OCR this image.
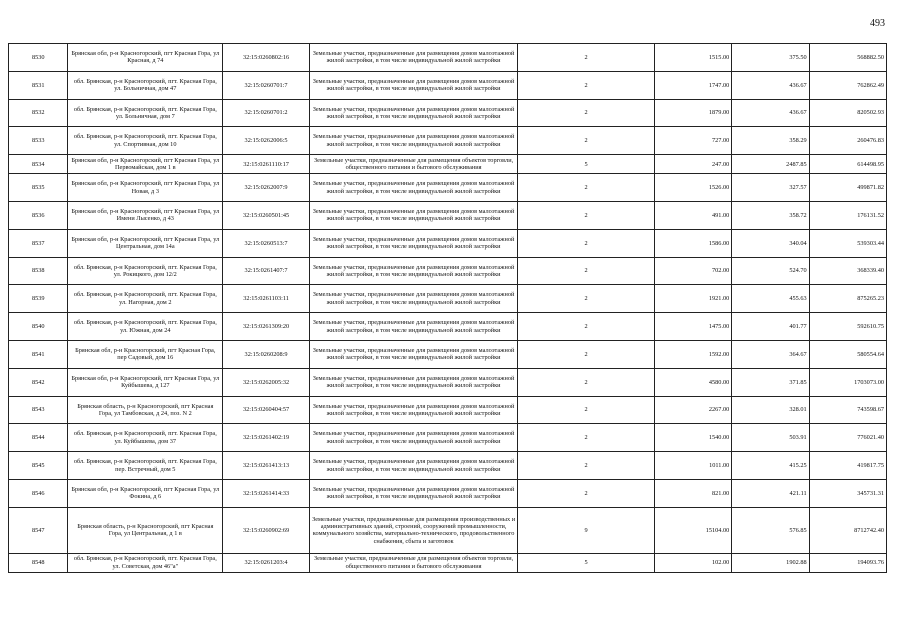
493
8530	Брянская обл, р-н Красногорский, пгт Красная Гора, ул Красная, д 74	32:15:0260802:16	Земельные участки, предназначенные для размещения домов малоэтажной жилой застройки, в том числе индивидуальной жилой застройки	2	1515.00	375.50	568882.50
8531	обл. Брянская, р-н Красногорский, пгт. Красная Гора, ул. Больничная, дом 47	32:15:0260701:7	Земельные участки, предназначенные для размещения домов малоэтажной жилой застройки, в том числе индивидуальной жилой застройки	2	1747.00	436.67	762862.49
8532	обл. Брянская, р-н Красногорский, пгт. Красная Гора, ул. Больничная, дом 7	32:15:0260701:2	Земельные участки, предназначенные для размещения домов малоэтажной жилой застройки, в том числе индивидуальной жилой застройки	2	1879.00	436.67	820502.93
8533	обл. Брянская, р-н Красногорский, пгт. Красная Гора, ул. Спортивная, дом 10	32:15:0262006:5	Земельные участки, предназначенные для размещения домов малоэтажной жилой застройки, в том числе индивидуальной жилой застройки	2	727.00	358.29	260476.83
8534	Брянская обл, р-н Красногорский, пгт Красная Гора, ул Первомайская, дом 1 в	32:15:0261110:17	Земельные участки, предназначенные для размещения объектов торговли, общественного питания и бытового обслуживания	5	247.00	2487.85	614498.95
8535	Брянская обл, р-н Красногорский, пгт Красная Гора, ул Новая, д 3	32:15:0262007:9	Земельные участки, предназначенные для размещения домов малоэтажной жилой застройки, в том числе индивидуальной жилой застройки	2	1526.00	327.57	499871.82
8536	Брянская обл, р-н Красногорский, пгт Красная Гора, ул Имени Лысенко, д 43	32:15:0260501:45	Земельные участки, предназначенные для размещения домов малоэтажной жилой застройки, в том числе индивидуальной жилой застройки	2	491.00	358.72	176131.52
8537	Брянская обл, р-н Красногорский, пгт Красная Гора, ул Центральная, дом 14а	32:15:0260513:7	Земельные участки, предназначенные для размещения домов малоэтажной жилой застройки, в том числе индивидуальной жилой застройки	2	1586.00	340.04	539303.44
8538	обл. Брянская, р-н Красногорский, пгт. Красная Гора, ул. Рокицкого, дом 12/2	32:15:0261407:7	Земельные участки, предназначенные для размещения домов малоэтажной жилой застройки, в том числе индивидуальной жилой застройки	2	702.00	524.70	368339.40
8539	обл. Брянская, р-н Красногорский, пгт. Красная Гора, ул. Нагорная, дом 2	32:15:0261103:11	Земельные участки, предназначенные для размещения домов малоэтажной жилой застройки, в том числе индивидуальной жилой застройки	2	1921.00	455.63	875265.23
8540	обл. Брянская, р-н Красногорский, пгт. Красная Гора, ул. Южная, дом 24	32:15:0261309:20	Земельные участки, предназначенные для размещения домов малоэтажной жилой застройки, в том числе индивидуальной жилой застройки	2	1475.00	401.77	592610.75
8541	Брянская обл, р-н Красногорский, пгт Красная Гора, пер Садовый, дом 16	32:15:0260208:9	Земельные участки, предназначенные для размещения домов малоэтажной жилой застройки, в том числе индивидуальной жилой застройки	2	1592.00	364.67	580554.64
8542	Брянская обл, р-н Красногорский, пгт Красная Гора, ул Куйбышева, д 127	32:15:0262005:32	Земельные участки, предназначенные для размещения домов малоэтажной жилой застройки, в том числе индивидуальной жилой застройки	2	4580.00	371.85	1703073.00
8543	Брянская область, р-н Красногорский, пгт Красная Гора, ул Тамбовская, д 24, поз. N 2	32:15:0260404:57	Земельные участки, предназначенные для размещения домов малоэтажной жилой застройки, в том числе индивидуальной жилой застройки	2	2267.00	328.01	743598.67
8544	обл. Брянская, р-н Красногорский, пгт. Красная Гора, ул. Куйбышева, дом 37	32:15:0261402:19	Земельные участки, предназначенные для размещения домов малоэтажной жилой застройки, в том числе индивидуальной жилой застройки	2	1540.00	503.91	776021.40
8545	обл. Брянская, р-н Красногорский, пгт. Красная Гора, пер. Встречный, дом 5	32:15:0261413:13	Земельные участки, предназначенные для размещения домов малоэтажной жилой застройки, в том числе индивидуальной жилой застройки	2	1011.00	415.25	419817.75
8546	Брянская обл, р-н Красногорский, пгт Красная Гора, ул Фокина, д 6	32:15:0261414:33	Земельные участки, предназначенные для размещения домов малоэтажной жилой застройки, в том числе индивидуальной жилой застройки	2	821.00	421.11	345731.31
8547	Брянская область, р-н Красногорский, пгт Красная Гора, ул Центральная, д 1 в	32:15:0260902:69	Земельные участки, предназначенные для размещения производственных и административных зданий, строений, сооружений промышленности, коммунального хозяйства, материально-технического, продовольственного снабжения, сбыта и заготовок	9	15104.00	576.85	8712742.40
8548	обл. Брянская, р-н Красногорский, пгт. Красная Гора, ул. Советская, дом 46"а"	32:15:0261203:4	Земельные участки, предназначенные для размещения объектов торговли, общественного питания и бытового обслуживания	5	102.00	1902.88	194093.76
